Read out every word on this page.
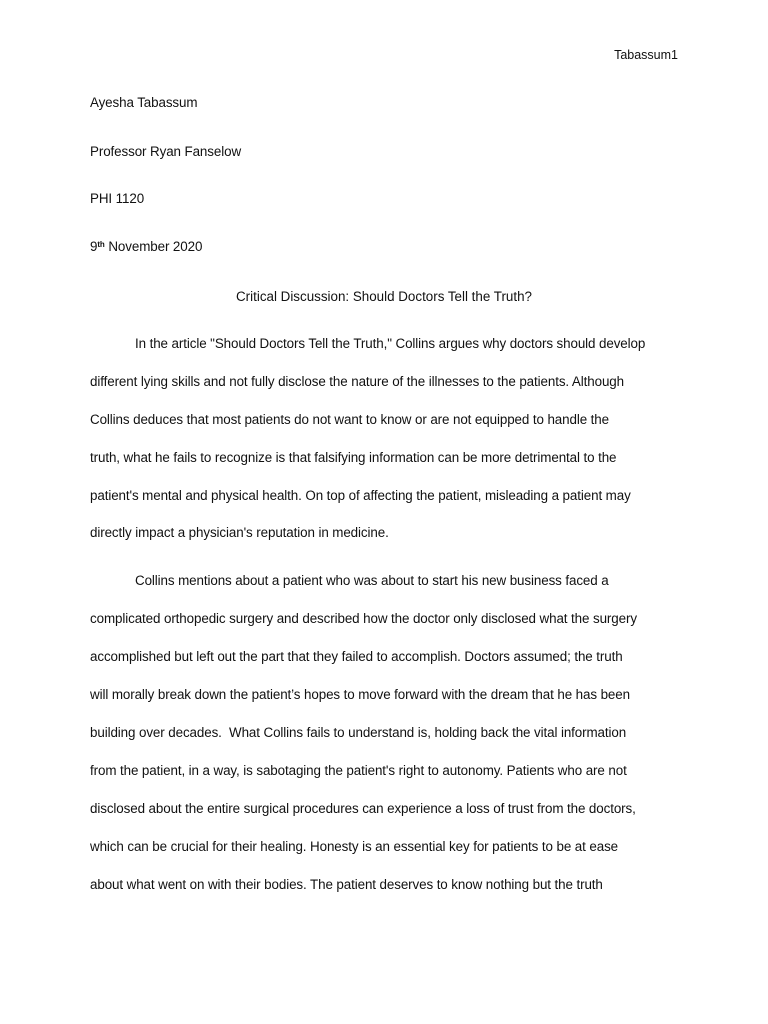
Tabassum1
Ayesha Tabassum
Professor Ryan Fanselow
PHI 1120
9th November 2020
Critical Discussion: Should Doctors Tell the Truth?
In the article "Should Doctors Tell the Truth," Collins argues why doctors should develop
different lying skills and not fully disclose the nature of the illnesses to the patients. Although
Collins deduces that most patients do not want to know or are not equipped to handle the
truth, what he fails to recognize is that falsifying information can be more detrimental to the
patient's mental and physical health. On top of affecting the patient, misleading a patient may
directly impact a physician's reputation in medicine.
Collins mentions about a patient who was about to start his new business faced a
complicated orthopedic surgery and described how the doctor only disclosed what the surgery
accomplished but left out the part that they failed to accomplish. Doctors assumed; the truth
will morally break down the patient’s hopes to move forward with the dream that he has been
building over decades.  What Collins fails to understand is, holding back the vital information
from the patient, in a way, is sabotaging the patient's right to autonomy. Patients who are not
disclosed about the entire surgical procedures can experience a loss of trust from the doctors,
which can be crucial for their healing. Honesty is an essential key for patients to be at ease
about what went on with their bodies. The patient deserves to know nothing but the truth
